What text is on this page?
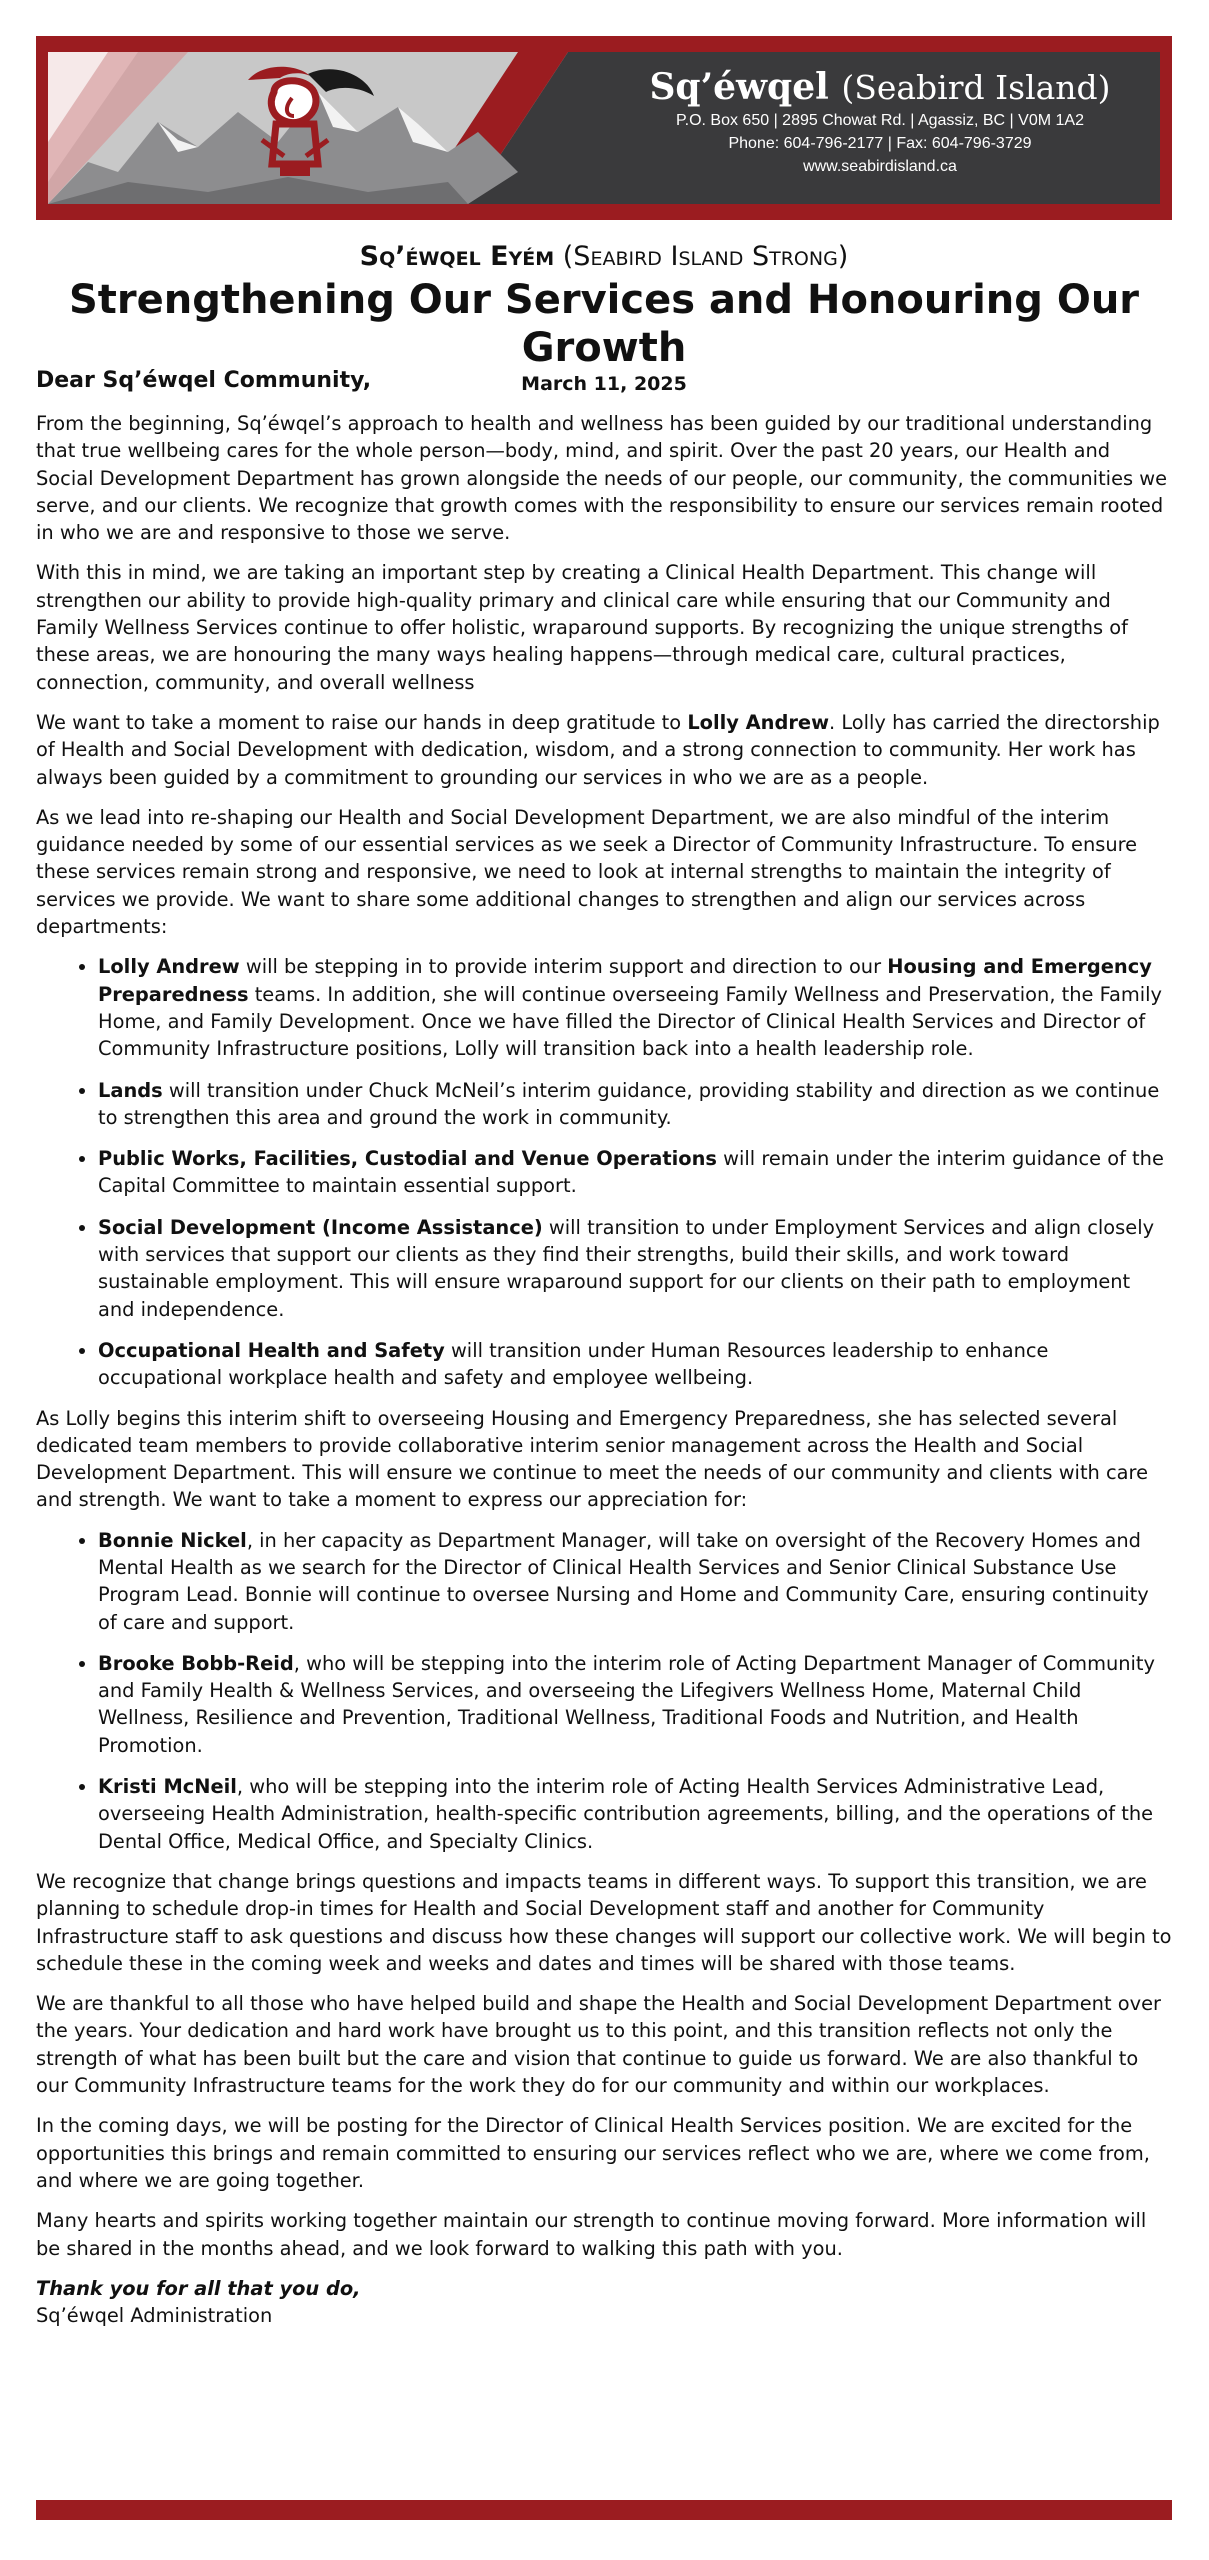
Sq’éwqel (Seabird Island)
P.O. Box 650 | 2895 Chowat Rd. | Agassiz, BC | V0M 1A2
Phone: 604-796-2177 | Fax: 604-796-3729
www.seabirdisland.ca
Sq’éwqel Eyém (Seabird Island Strong)
Strengthening Our Services and Honouring Our Growth
March 11, 2025
Dear Sq’éwqel Community,

From the beginning, Sq’éwqel’s approach to health and wellness has been guided by our traditional understanding that true wellbeing cares for the whole person—body, mind, and spirit. Over the past 20 years, our Health and Social Development Department has grown alongside the needs of our people, our community, the communities we serve, and our clients. We recognize that growth comes with the responsibility to ensure our services remain rooted in who we are and responsive to those we serve.

With this in mind, we are taking an important step by creating a Clinical Health Department. This change will strengthen our ability to provide high-quality primary and clinical care while ensuring that our Community and Family Wellness Services continue to offer holistic, wraparound supports. By recognizing the unique strengths of these areas, we are honouring the many ways healing happens—through medical care, cultural practices, connection, community, and overall wellness

We want to take a moment to raise our hands in deep gratitude to Lolly Andrew. Lolly has carried the directorship of Health and Social Development with dedication, wisdom, and a strong connection to community. Her work has always been guided by a commitment to grounding our services in who we are as a people.

As we lead into re-shaping our Health and Social Development Department, we are also mindful of the interim guidance needed by some of our essential services as we seek a Director of Community Infrastructure. To ensure these services remain strong and responsive, we need to look at internal strengths to maintain the integrity of services we provide. We want to share some additional changes to strengthen and align our services across departments:

• Lolly Andrew will be stepping in to provide interim support and direction to our Housing and Emergency Preparedness teams. In addition, she will continue overseeing Family Wellness and Preservation, the Family Home, and Family Development. Once we have filled the Director of Clinical Health Services and Director of Community Infrastructure positions, Lolly will transition back into a health leadership role.
• Lands will transition under Chuck McNeil’s interim guidance, providing stability and direction as we continue to strengthen this area and ground the work in community.
• Public Works, Facilities, Custodial and Venue Operations will remain under the interim guidance of the Capital Committee to maintain essential support.
• Social Development (Income Assistance) will transition to under Employment Services and align closely with services that support our clients as they find their strengths, build their skills, and work toward sustainable employment. This will ensure wraparound support for our clients on their path to employment and independence.
• Occupational Health and Safety will transition under Human Resources leadership to enhance occupational workplace health and safety and employee wellbeing.

As Lolly begins this interim shift to overseeing Housing and Emergency Preparedness, she has selected several dedicated team members to provide collaborative interim senior management across the Health and Social Development Department. This will ensure we continue to meet the needs of our community and clients with care and strength. We want to take a moment to express our appreciation for:

• Bonnie Nickel, in her capacity as Department Manager, will take on oversight of the Recovery Homes and Mental Health as we search for the Director of Clinical Health Services and Senior Clinical Substance Use Program Lead. Bonnie will continue to oversee Nursing and Home and Community Care, ensuring continuity of care and support.
• Brooke Bobb-Reid, who will be stepping into the interim role of Acting Department Manager of Community and Family Health & Wellness Services, and overseeing the Lifegivers Wellness Home, Maternal Child Wellness, Resilience and Prevention, Traditional Wellness, Traditional Foods and Nutrition, and Health Promotion.
• Kristi McNeil, who will be stepping into the interim role of Acting Health Services Administrative Lead, overseeing Health Administration, health-specific contribution agreements, billing, and the operations of the Dental Office, Medical Office, and Specialty Clinics.

We recognize that change brings questions and impacts teams in different ways. To support this transition, we are planning to schedule drop-in times for Health and Social Development staff and another for Community Infrastructure staff to ask questions and discuss how these changes will support our collective work. We will begin to schedule these in the coming week and weeks and dates and times will be shared with those teams.

We are thankful to all those who have helped build and shape the Health and Social Development Department over the years. Your dedication and hard work have brought us to this point, and this transition reflects not only the strength of what has been built but the care and vision that continue to guide us forward. We are also thankful to our Community Infrastructure teams for the work they do for our community and within our workplaces.

In the coming days, we will be posting for the Director of Clinical Health Services position. We are excited for the opportunities this brings and remain committed to ensuring our services reflect who we are, where we come from, and where we are going together.

Many hearts and spirits working together maintain our strength to continue moving forward. More information will be shared in the months ahead, and we look forward to walking this path with you.

Thank you for all that you do,
Sq’éwqel Administration
